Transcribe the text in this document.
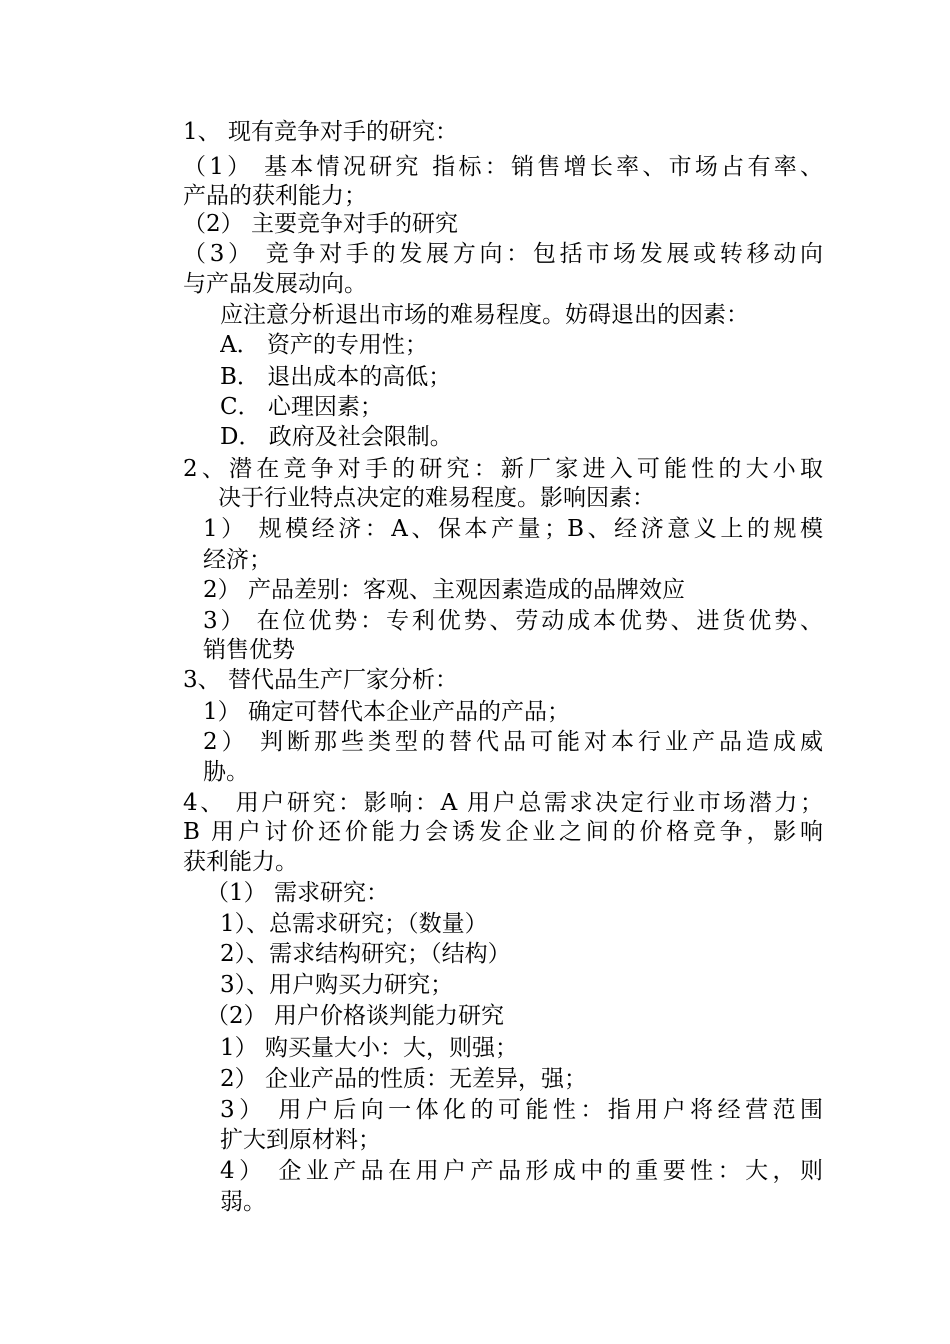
1、 现有竞争对手的研究：
（1） 基本情况研究 指标：销售增长率、市场占有率、
产品的获利能力；
（2） 主要竞争对手的研究
（3） 竞争对手的发展方向：包括市场发展或转移动向
与产品发展动向。
应注意分析退出市场的难易程度。妨碍退出的因素：
A． 资产的专用性；
B． 退出成本的高低；
C． 心理因素；
D． 政府及社会限制。
2、潜在竞争对手的研究：新厂家进入可能性的大小取
决于行业特点决定的难易程度。影响因素：
1） 规模经济：A、保本产量；B、经济意义上的规模
经济；
2） 产品差别：客观、主观因素造成的品牌效应
3） 在位优势：专利优势、劳动成本优势、进货优势、
销售优势
3、 替代品生产厂家分析：
1） 确定可替代本企业产品的产品；
2） 判断那些类型的替代品可能对本行业产品造成威
胁。
4、 用户研究：影响：A 用户总需求决定行业市场潜力；
B 用户讨价还价能力会诱发企业之间的价格竞争，影响
获利能力。
（1） 需求研究：
1）、总需求研究；（数量）
2）、需求结构研究；（结构）
3）、用户购买力研究；
（2） 用户价格谈判能力研究
1） 购买量大小：大，则强；
2） 企业产品的性质：无差异，强；
3） 用户后向一体化的可能性：指用户将经营范围
扩大到原材料；
4） 企业产品在用户产品形成中的重要性：大，则
弱。
